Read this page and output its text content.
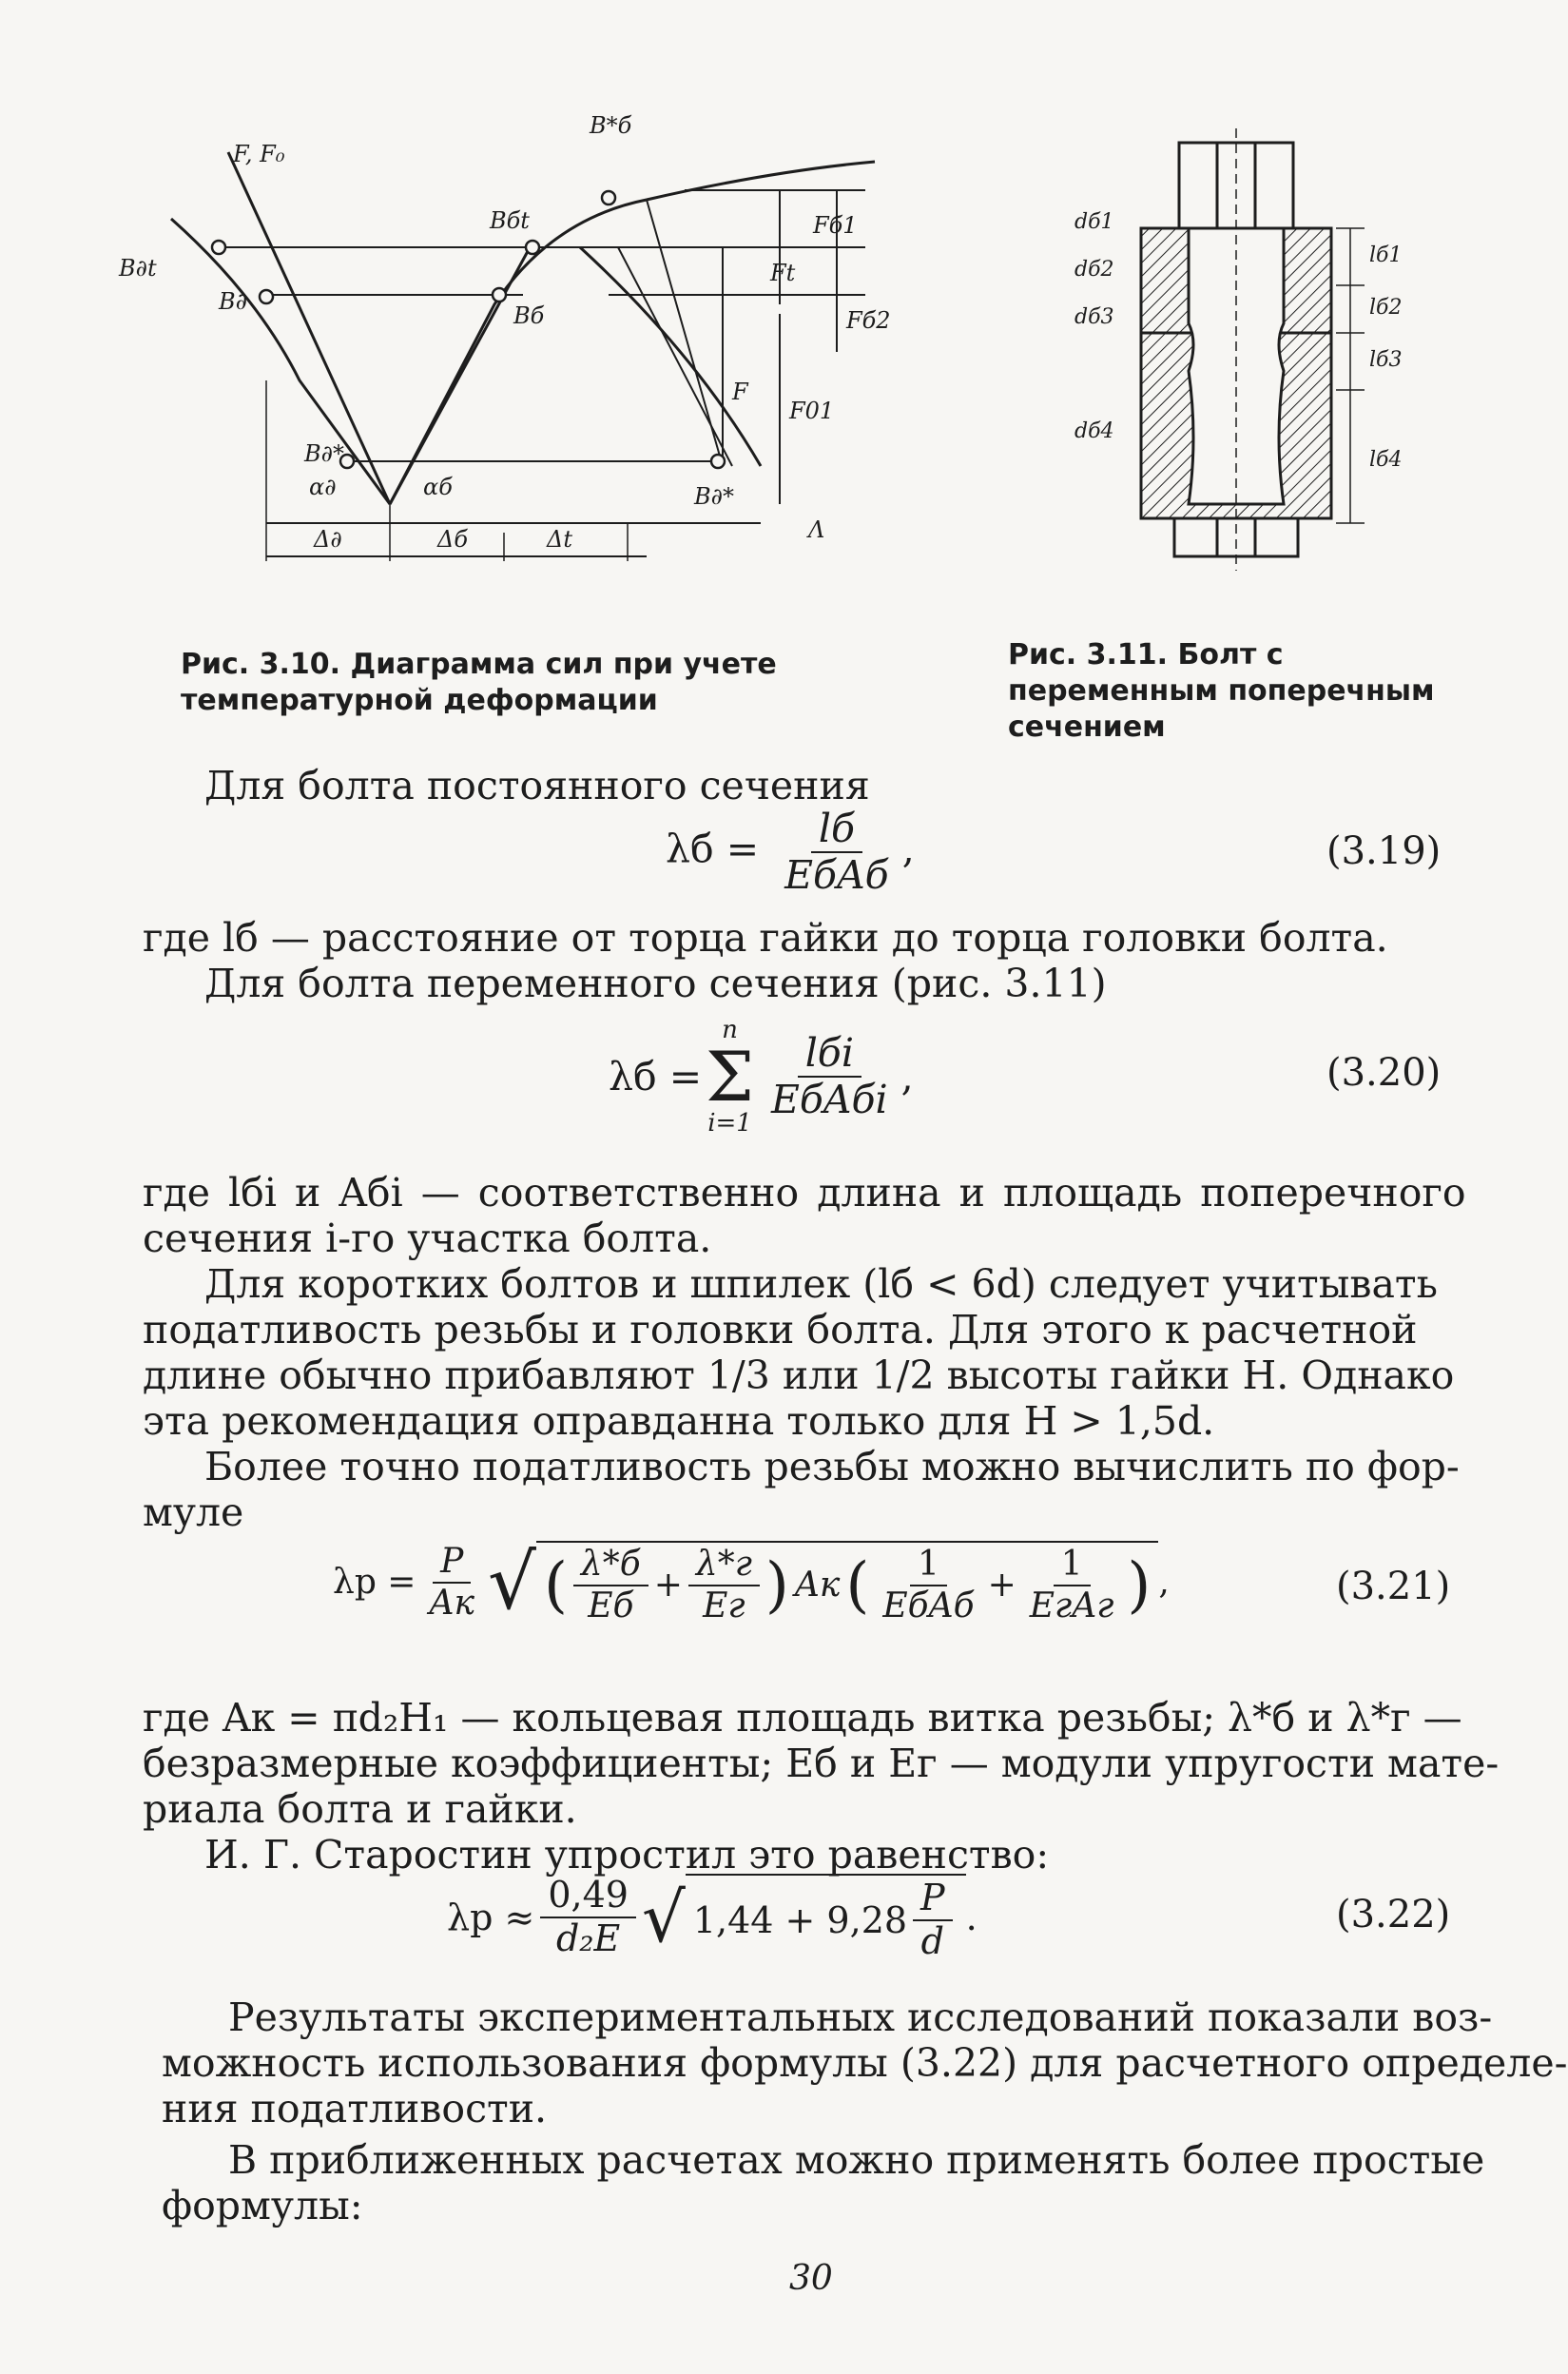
F, F₀
B∂t
B∂
B*б
Bбt
Bб
B∂*
B∂*
α∂	αб
Δ∂	Δб	Δt	Λ
Ft
Fб1
Fб2
F
F01
Рис. 3.10. Диаграмма сил при учете температурной деформации
dб1
dб2
dб3
dб4
lб1
lб2
lб3
lб4
Рис. 3.11. Болт с переменным поперечным сечением
Для болта постоянного сечения
$\lambda б = \frac{lб}{\text{EбAб}}$ ,	(3.19)
где lб — расстояние от торца гайки до торца головки болта.
Для болта переменного сечения (рис. 3.11)
λб =
n
Σ
i=1
$\frac{\text{lбi}}{\text{EбAбi}}$ ,	(3.20)
где lбi и Aбi — соответственно длина и площадь поперечного
сечения i-го участка болта.
Для коротких болтов и шпилек (lб < 6d) следует учитывать
податливость резьбы и головки болта. Для этого к расчетной
длине обычно прибавляют 1/3 или 1/2 высоты гайки H. Однако
эта рекомендация оправданна только для H > 1,5d.
Более точно податливость резьбы можно вычислить по фор-
муле
$\lambda р = \frac{P}{Aк}$ √ ( $\frac{\lambda*б}{Eб} + \frac{\lambda*г}{Eг}$ ) Aк ( $\frac{1}{\text{EбAб}} + \frac{1}{\text{EгAг}}$ ) ,	(3.21)
где Aк = πd₂H₁ — кольцевая площадь витка резьбы; λ*б и λ*г —
безразмерные коэффициенты; Eб и Eг — модули упругости мате-
риала болта и гайки.
И. Г. Старостин упростил это равенство:
$\lambda р \approx \frac{0,49}{\text{d₂E}}$ √ $1,44 + 9,28 \frac{P}{d}$ .	(3.22)
Результаты экспериментальных исследований показали воз-
можность использования формулы (3.22) для расчетного определе-
ния податливости.
В приближенных расчетах можно применять более простые
формулы:
30
